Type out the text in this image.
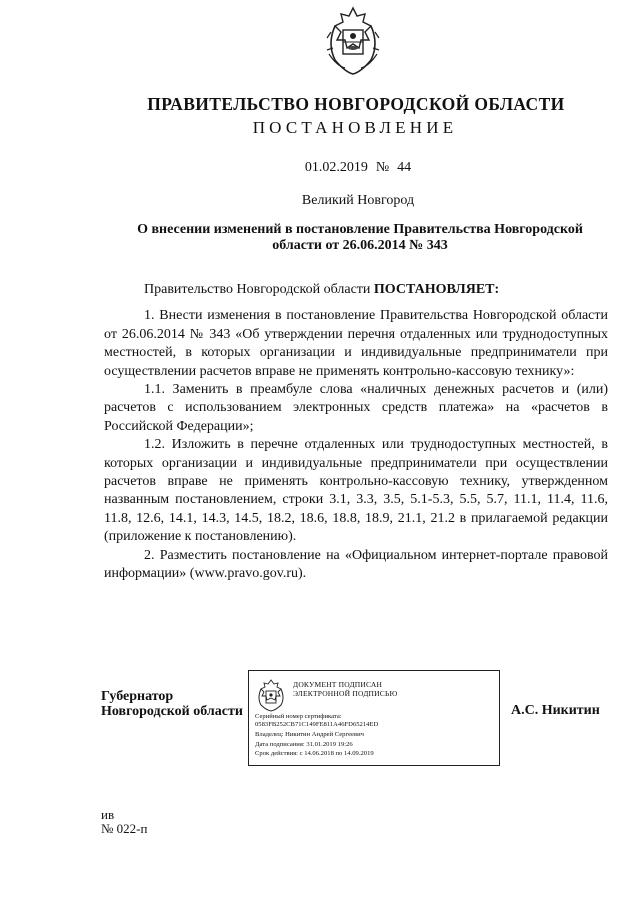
ПРАВИТЕЛЬСТВО НОВГОРОДСКОЙ ОБЛАСТИ
ПОСТАНОВЛЕНИЕ
01.02.2019 № 44
Великий Новгород
О внесении изменений в постановление Правительства Новгородской области от 26.06.2014 № 343

Правительство Новгородской области ПОСТАНОВЛЯЕТ:

1. Внести изменения в постановление Правительства Новгородской области от 26.06.2014 № 343 «Об утверждении перечня отдаленных или труднодоступных местностей, в которых организации и индивидуальные предприниматели при осуществлении расчетов вправе не применять контрольно-кассовую технику»:

1.1. Заменить в преамбуле слова «наличных денежных расчетов и (или) расчетов с использованием электронных средств платежа» на «расчетов в Российской Федерации»;

1.2. Изложить в перечне отдаленных или труднодоступных местностей, в которых организации и индивидуальные предприниматели при осуществлении расчетов вправе не применять контрольно-кассовую технику, утвержденном названным постановлением, строки 3.1, 3.3, 3.5, 5.1-5.3, 5.5, 5.7, 11.1, 11.4, 11.6, 11.8, 12.6, 14.1, 14.3, 14.5, 18.2, 18.6, 18.8, 18.9, 21.1, 21.2 в прилагаемой редакции (приложение к постановлению).

2. Разместить постановление на «Официальном интернет-портале правовой информации» (www.pravo.gov.ru).

Губернатор
Новгородской области
ДОКУМЕНТ ПОДПИСАН
ЭЛЕКТРОННОЙ ПОДПИСЬЮ
Серийный номер сертификата:
0583FB252CB71C149FE811A46FD65214ED
Владелец: Никитин Андрей Сергеевич
Дата подписания: 31.01.2019 19:26
Срок действия: с 14.06.2018 по 14.09.2019
А.С. Никитин
ив
№ 022-п
